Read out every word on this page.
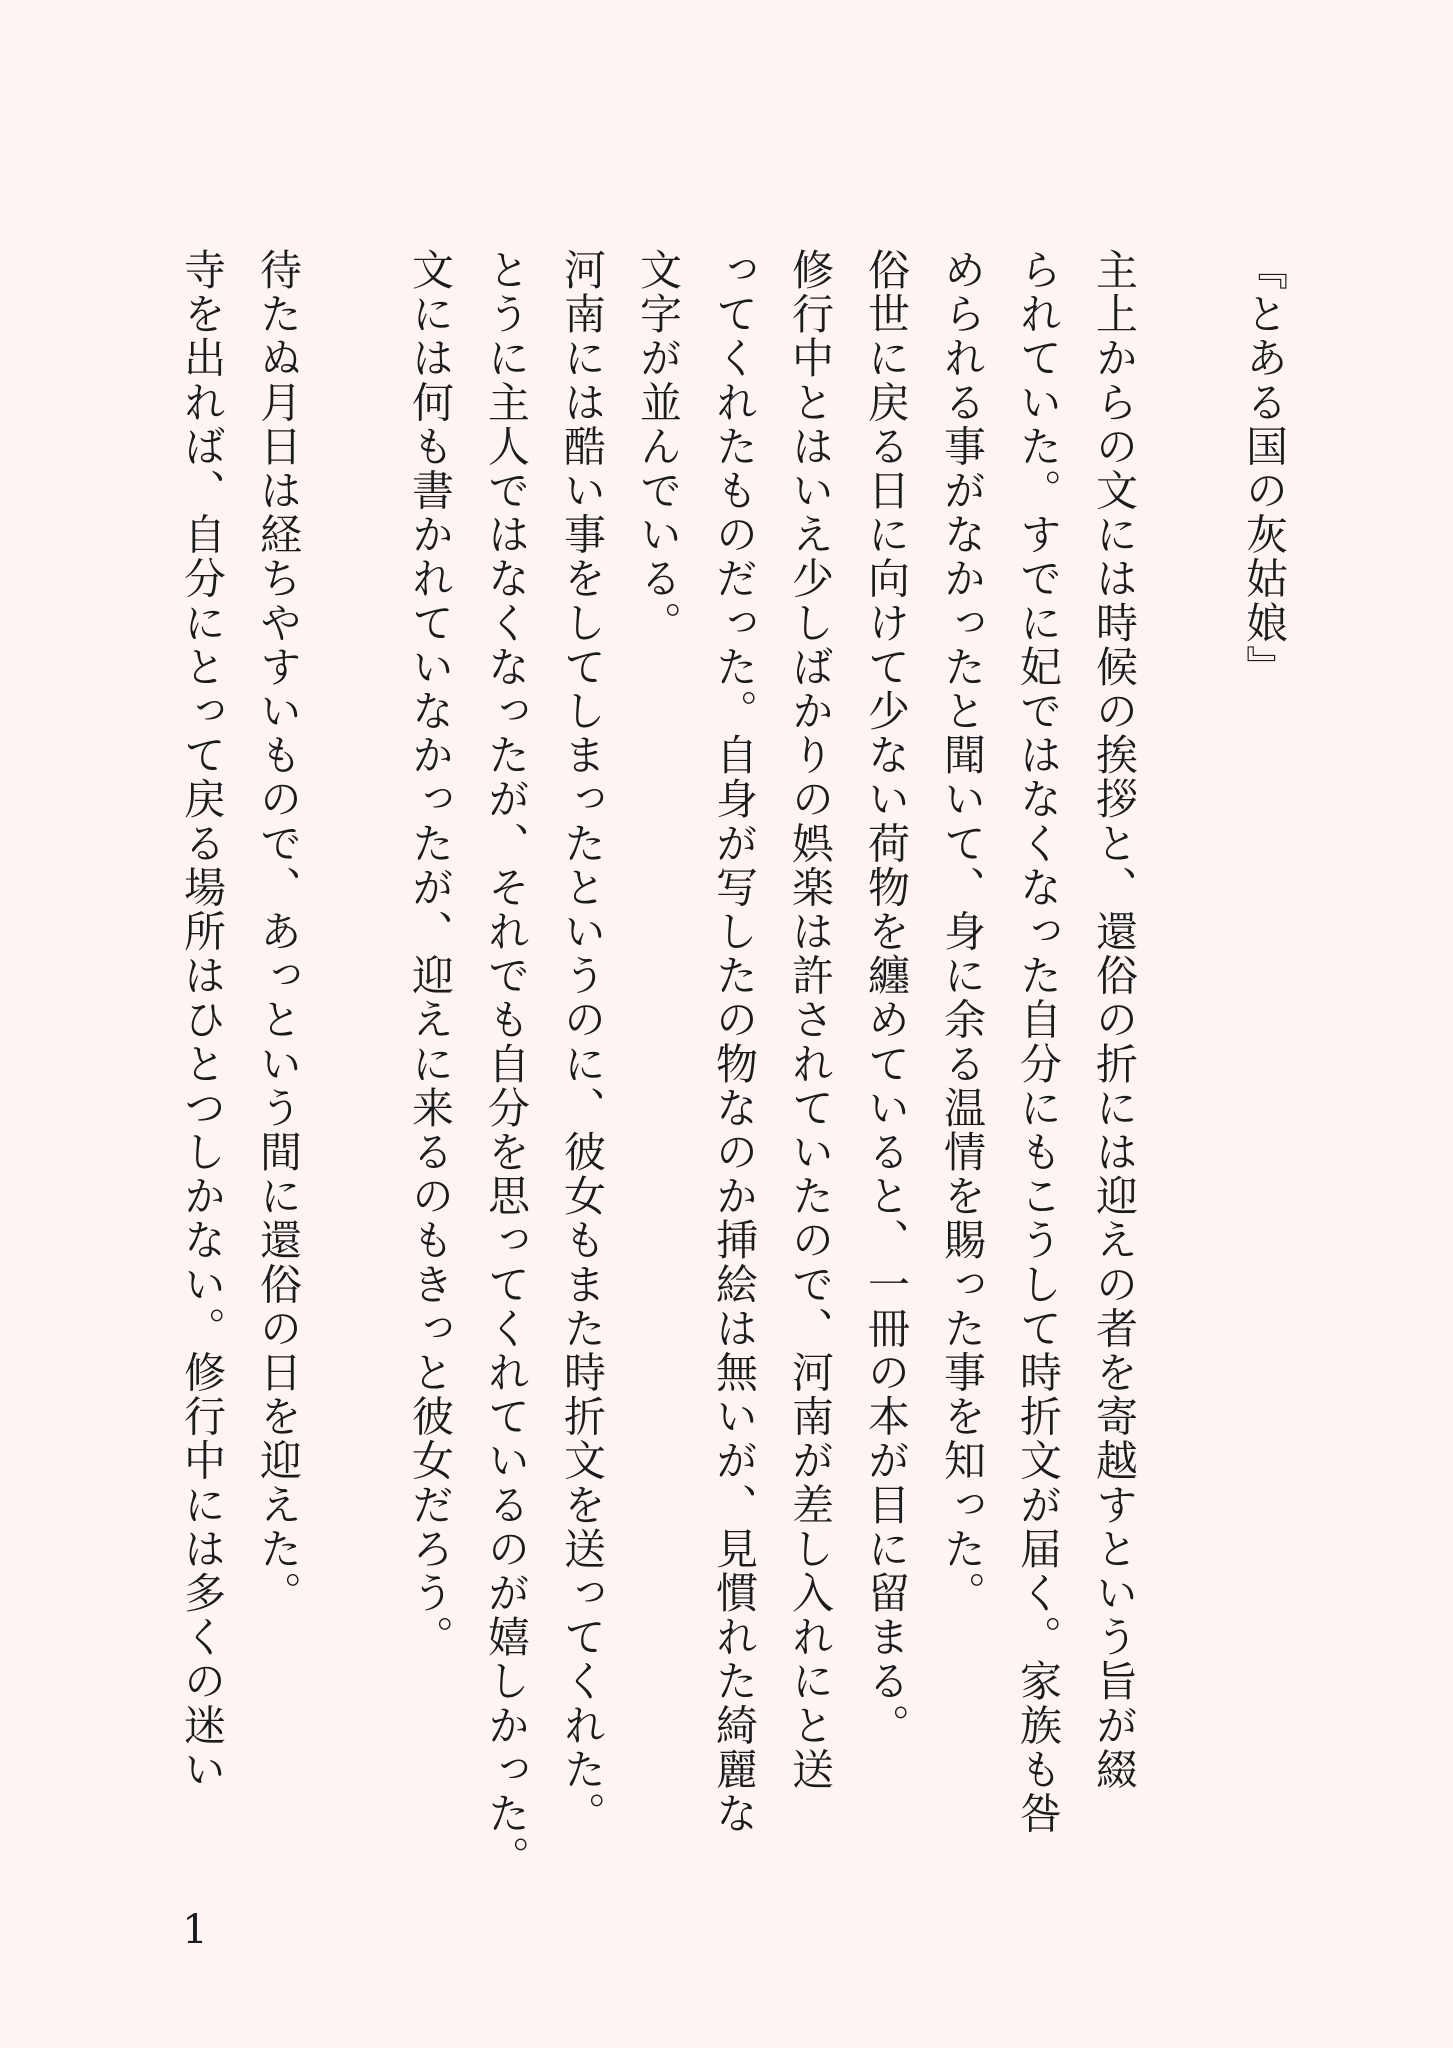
『とある国の灰姑娘』
主上からの文には時候の挨拶と、還俗の折には迎えの者を寄越すという旨が綴
られていた。すでに妃ではなくなった自分にもこうして時折文が届く。家族も咎
められる事がなかったと聞いて、身に余る温情を賜った事を知った。
俗世に戻る日に向けて少ない荷物を纏めていると、一冊の本が目に留まる。
修行中とはいえ少しばかりの娯楽は許されていたので、河南が差し入れにと送
ってくれたものだった。自身が写したの物なのか挿絵は無いが、見慣れた綺麗な
文字が並んでいる。
河南には酷い事をしてしまったというのに、彼女もまた時折文を送ってくれた。
とうに主人ではなくなったが、それでも自分を思ってくれているのが嬉しかった。
文には何も書かれていなかったが、迎えに来るのもきっと彼女だろう。
待たぬ月日は経ちやすいもので、あっという間に還俗の日を迎えた。
寺を出れば、自分にとって戻る場所はひとつしかない。修行中には多くの迷い
1
